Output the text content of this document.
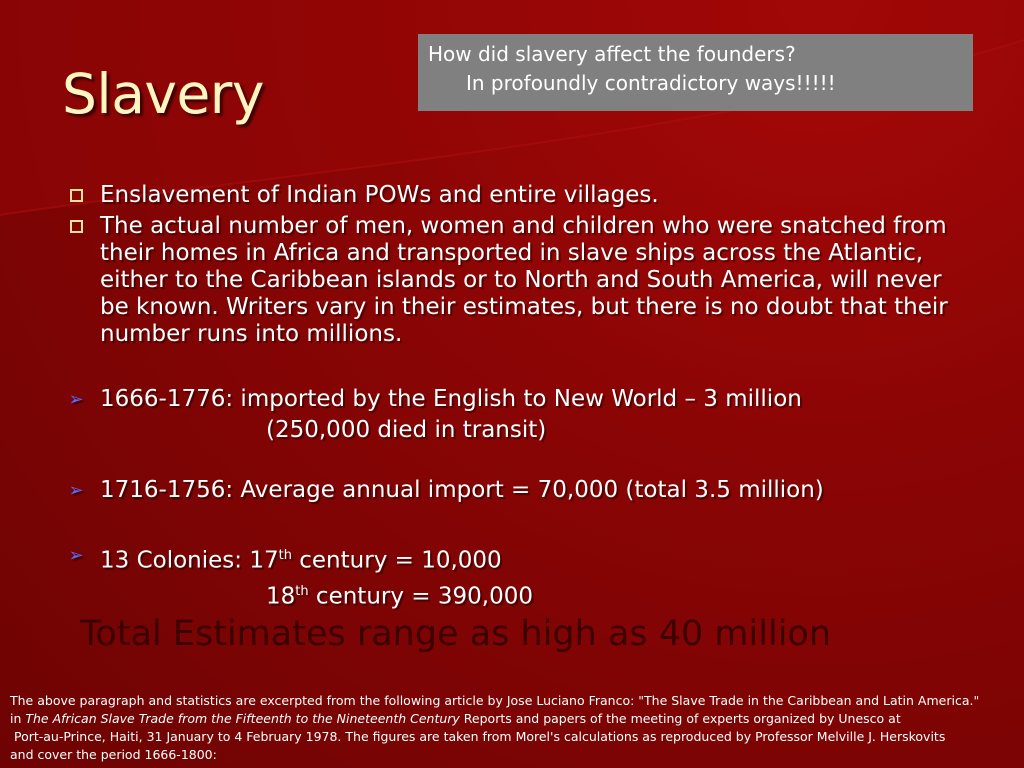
Slavery

How did slavery affect the founders?

In profoundly contradictory ways!!!!!

Enslavement of Indian POWs and entire villages.
The actual number of men, women and children who were snatched from their homes in Africa and transported in slave ships across the Atlantic, either to the Caribbean islands or to North and South America, will never be known. Writers vary in their estimates, but there is no doubt that their number runs into millions.
➢ 1666-1776: imported by the English to New World – 3 million
(250,000 died in transit)
➢ 1716-1756: Average annual import = 70,000 (total 3.5 million)
➢ 13 Colonies: 17th century = 10,000
18th century = 390,000

Total Estimates range as high as 40 million

The above paragraph and statistics are excerpted from the following article by Jose Luciano Franco: "The Slave Trade in the Caribbean and Latin America."

in The African Slave Trade from the Fifteenth to the Nineteenth Century Reports and papers of the meeting of experts organized by Unesco at

Port-au-Prince, Haiti, 31 January to 4 February 1978. The figures are taken from Morel's calculations as reproduced by Professor Melville J. Herskovits

and cover the period 1666-1800:
